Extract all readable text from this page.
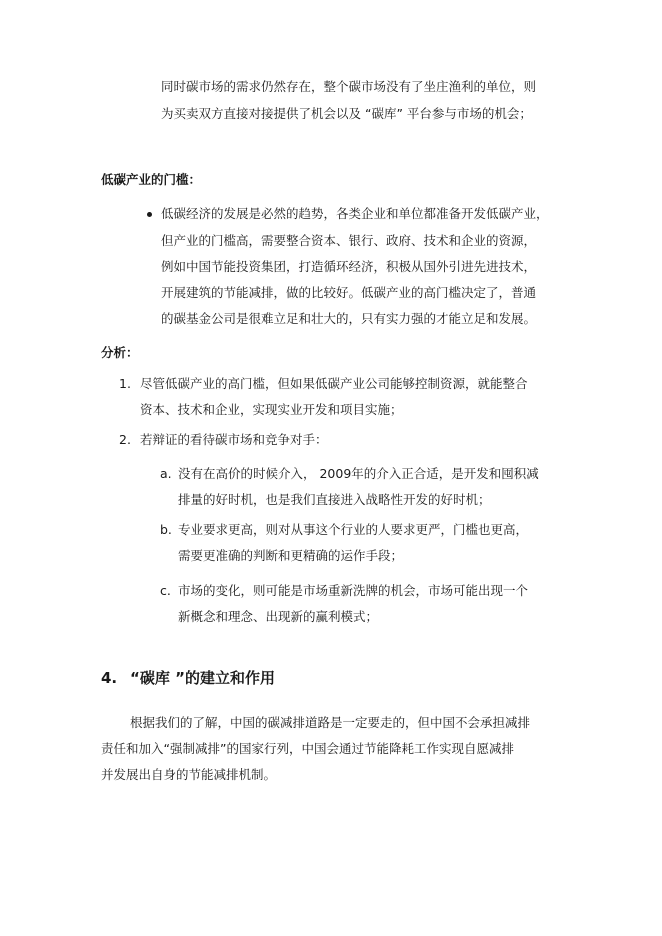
同时碳市场的需求仍然存在，整个碳市场没有了坐庄渔利的单位，则
为买卖双方直接对接提供了机会以及 “碳库” 平台参与市场的机会；
低碳产业的门槛：
低碳经济的发展是必然的趋势，各类企业和单位都准备开发低碳产业，
但产业的门槛高，需要整合资本、银行、政府、技术和企业的资源，
例如中国节能投资集团，打造循环经济，积极从国外引进先进技术，
开展建筑的节能减排，做的比较好。低碳产业的高门槛决定了，普通
的碳基金公司是很难立足和壮大的，只有实力强的才能立足和发展。
分析：
1. 尽管低碳产业的高门槛，但如果低碳产业公司能够控制资源，就能整合
资本、技术和企业，实现实业开发和项目实施；
2. 若辩证的看待碳市场和竞争对手：
a. 没有在高价的时候介入， 2009年的介入正合适，是开发和囤积减
排量的好时机，也是我们直接进入战略性开发的好时机；
b. 专业要求更高，则对从事这个行业的人要求更严，门槛也更高，
需要更准确的判断和更精确的运作手段；
c. 市场的变化，则可能是市场重新洗牌的机会，市场可能出现一个
新概念和理念、出现新的赢利模式；
4. “碳库 ”的建立和作用
根据我们的了解，中国的碳减排道路是一定要走的，但中国不会承担减排
责任和加入“强制减排”的国家行列，中国会通过节能降耗工作实现自愿减排
并发展出自身的节能减排机制。
